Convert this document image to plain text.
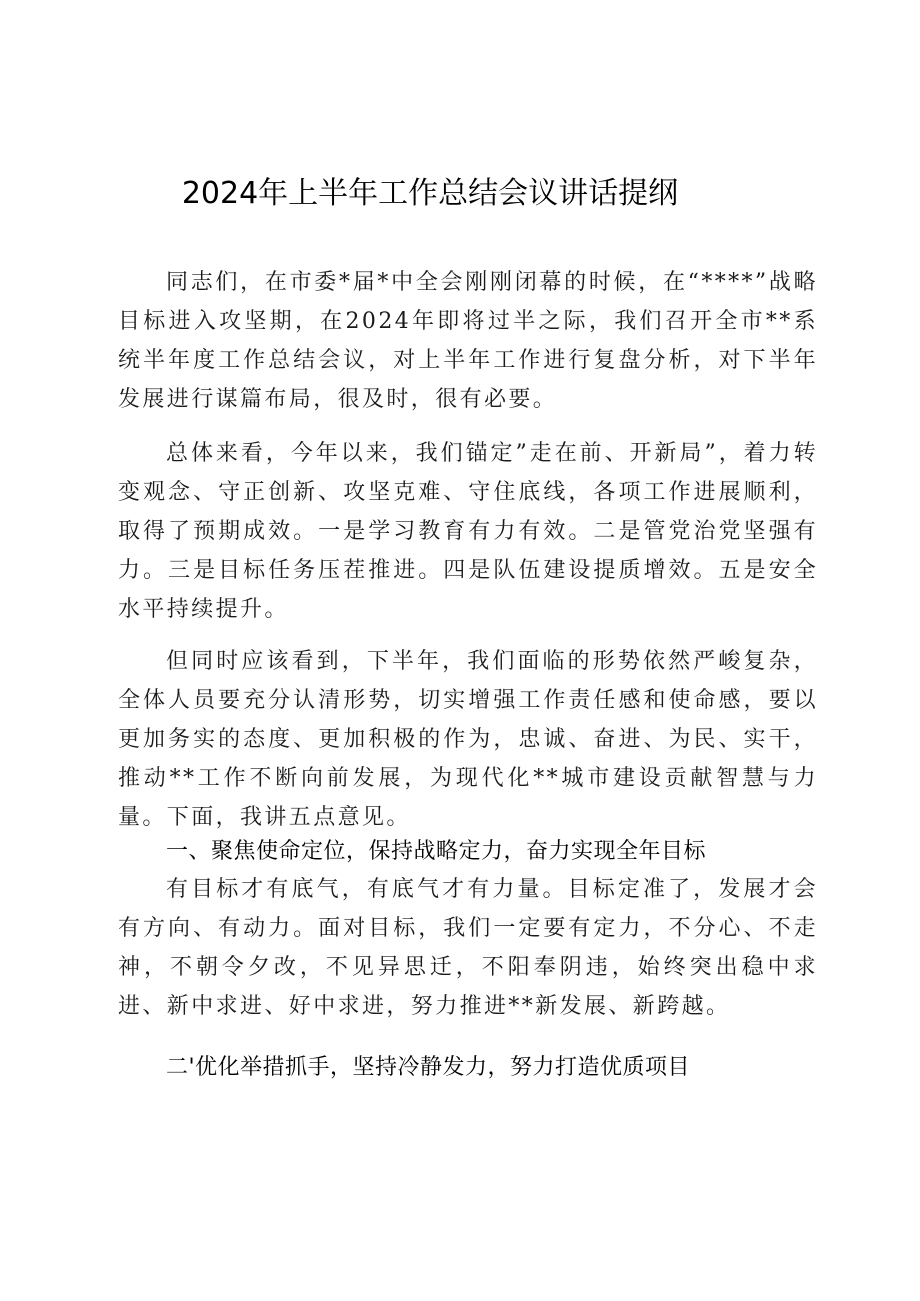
2024年上半年工作总结会议讲话提纲

同志们，在市委*届*中全会刚刚闭幕的时候，在“****”战略目标进入攻坚期，在2024年即将过半之际，我们召开全市**系统半年度工作总结会议，对上半年工作进行复盘分析，对下半年发展进行谋篇布局，很及时，很有必要。

总体来看，今年以来，我们锚定”走在前、开新局”，着力转变观念、守正创新、攻坚克难、守住底线，各项工作进展顺利，取得了预期成效。一是学习教育有力有效。二是管党治党坚强有力。三是目标任务压茬推进。四是队伍建设提质增效。五是安全水平持续提升。

但同时应该看到，下半年，我们面临的形势依然严峻复杂，全体人员要充分认清形势，切实增强工作责任感和使命感，要以更加务实的态度、更加积极的作为，忠诚、奋进、为民、实干，推动**工作不断向前发展，为现代化**城市建设贡献智慧与力量。下面，我讲五点意见。

一、聚焦使命定位，保持战略定力，奋力实现全年目标

有目标才有底气，有底气才有力量。目标定准了，发展才会有方向、有动力。面对目标，我们一定要有定力，不分心、不走神，不朝令夕改，不见异思迁，不阳奉阴违，始终突出稳中求进、新中求进、好中求进，努力推进**新发展、新跨越。

二'优化举措抓手，坚持冷静发力，努力打造优质项目
